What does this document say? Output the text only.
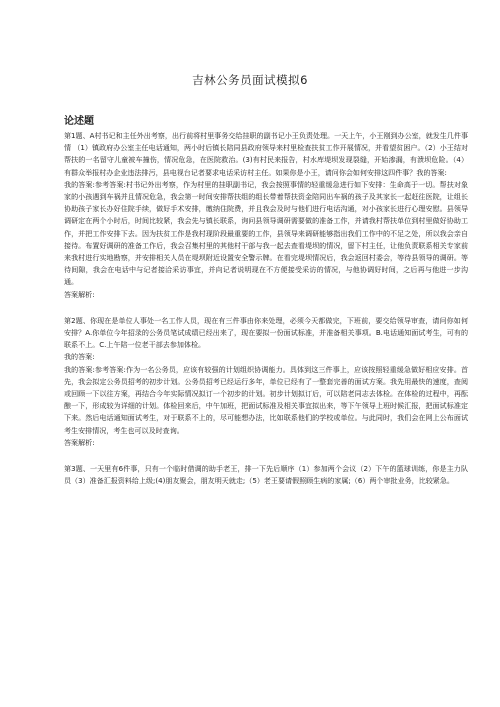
吉林公务员面试模拟6
论述题

第1题、A村书记和主任外出考察，出行前将村里事务交给挂职的副书记小王负责处理。一天上午，小王刚到办公室，就发生几件事情 （1）镇政府办公室主任电话通知，两小时后镇长陪同县政府领导来村里检查扶贫工作开展情况，并看望贫困户。（2）小王结对帮扶的一名留守儿童被车撞伤，情况危急，在医院救治。(3)有村民来报告，村水库堤坝发现裂缝，开始渗漏，有溃坝危险。（4）有群众举报村办企业违法排污，县电视台记者要求电话采访村主任。如果你是小王，请问你会如何安排这四件事？我的答案:

我的答案:参考答案:村书记外出考察，作为村里的挂职副书记，我会按照事情的轻重缓急进行如下安排：生命高于一切。帮扶对象家的小孩遇到车祸并且情况危急，我会第一时间安排帮扶组的组长带着帮扶资金陪同出车祸的孩子及其家长一起赶往医院，让组长协助孩子家长办好住院手续，做好手术安排，缴纳住院费，并且我会及时与他们进行电话沟通，对小孩家长进行心理安慰。县领导调研定在两个小时后，时间比较紧，我会先与镇长联系，询问县领导调研需要做的准备工作，并请我村帮扶单位到村里做好协助工作，并把工作安排下去。因为扶贫工作是我村现阶段最重要的工作，县领导来调研能够指出我们工作中的不足之处，所以我会亲自接待。布置好调研的准备工作后，我会召集村里的其他村干部与我一起去查看堤坝的情况，留下村主任，让他负责联系相关专家前来我村进行实地勘察，并安排相关人员在堤坝附近设置安全警示牌。在看完堤坝情况后，我会返回村委会，等待县领导的调研。等待间隙，我会在电话中与记者接洽采访事宜，并向记者说明现在不方便接受采访的情况，与他协调好时间，之后再与他进一步沟通。

答案解析:

第2题、你现在是单位人事处一名工作人员，现在有三件事由你来处理，必须今天都做完，下班前，要交给领导审查，请问你如何安排？A.你单位今年招录的公务员笔试成绩已经出来了，现在要拟一份面试标准，并准备相关事项。B.电话通知面试考生，可有的联系不上。C.上午陪一位老干部去参加体检。

我的答案:

我的答案:参考答案:作为一名公务员，应该有较强的计划组织协调能力。具体到这三件事上，应该按照轻重缓急做好相应安排。首先，我会拟定公务员招考的初步计划。公务员招考已经运行多年，单位已经有了一整套完善的面试方案。我先用最快的速度，查阅或回顾一下以往方案，再结合今年实际情况拟订一个初步的计划。初步计划拟订后，可以陪老同志去体检。在体检的过程中，再酝酿一下，形成较为详细的计划。体检回来后，中午加班，把面试标准及相关事宜拟出来，等下午领导上班时候汇报，把面试标准定下来。然后电话通知面试考生，对于联系不上的，尽可能想办法，比如联系他们的学校或单位。与此同时，我们会在网上公布面试考生安排情况，考生也可以及时查询。

答案解析:

第3题、一天里有6件事，只有一个临时借调的助手老王，排一下先后顺序（1）参加两个会议（2）下午的篮球训练，你是主力队员（3）准备汇报资料给上级;(4)朋友聚会，朋友明天就走;（5）老王要请假照顾生病的家属;（6）两个审批业务，比较紧急。
